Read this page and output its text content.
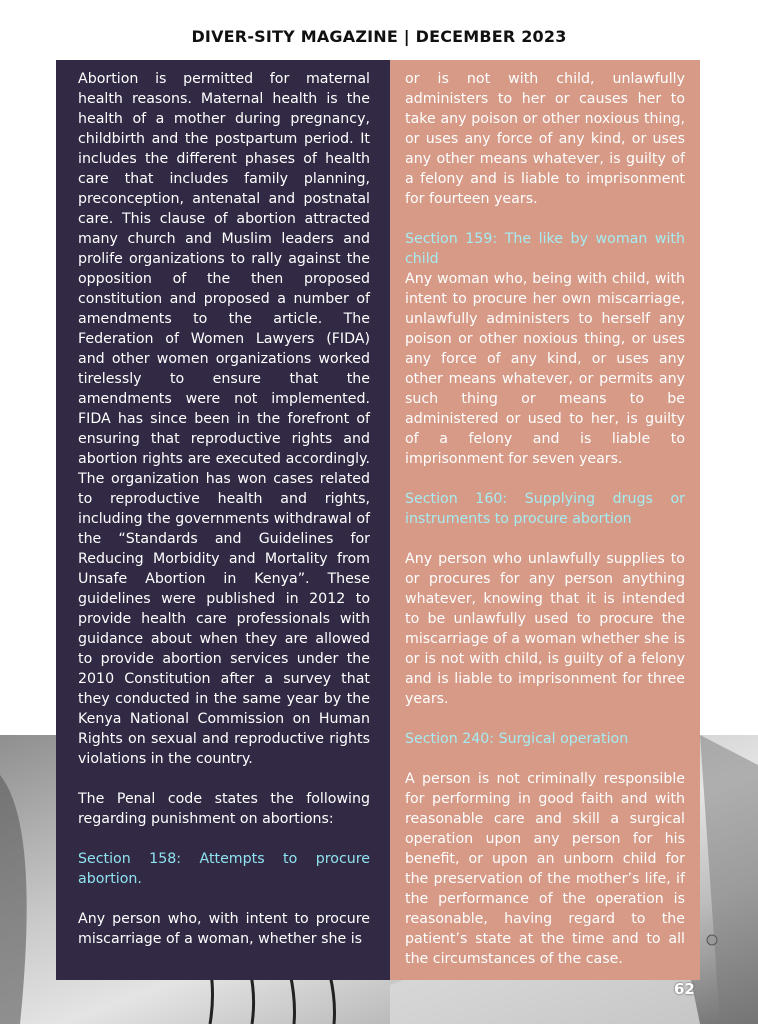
DIVER-SITY MAGAZINE | DECEMBER 2023

Abortion is permitted for maternal health reasons. Maternal health is the health of a mother during pregnancy, childbirth and the postpartum period. It includes the different phases of health care that includes family planning, preconception, antenatal and postnatal care. This clause of abortion attracted many church and Muslim leaders and prolife organizations to rally against the opposition of the then proposed constitution and proposed a number of amendments to the article. The Federation of Women Lawyers (FIDA) and other women organizations worked tirelessly to ensure that the amendments were not implemented. FIDA has since been in the forefront of ensuring that reproductive rights and abortion rights are executed accordingly. The organization has won cases related to reproductive health and rights, including the governments withdrawal of the “Standards and Guidelines for Reducing Morbidity and Mortality from Unsafe Abortion in Kenya”. These guidelines were published in 2012 to provide health care professionals with guidance about when they are allowed to provide abortion services under the 2010 Constitution after a survey that they conducted in the same year by the Kenya National Commission on Human Rights on sexual and reproductive rights violations in the country.

The Penal code states the following regarding punishment on abortions:

Section 158: Attempts to procure abortion.

Any person who, with intent to procure miscarriage of a woman, whether she is

or is not with child, unlawfully administers to her or causes her to take any poison or other noxious thing, or uses any force of any kind, or uses any other means whatever, is guilty of a felony and is liable to imprisonment for fourteen years.

Section 159: The like by woman with child

Any woman who, being with child, with intent to procure her own miscarriage, unlawfully administers to herself any poison or other noxious thing, or uses any force of any kind, or uses any other means whatever, or permits any such thing or means to be administered or used to her, is guilty of a felony and is liable to imprisonment for seven years.

Section 160: Supplying drugs or instruments to procure abortion

Any person who unlawfully supplies to or procures for any person anything whatever, knowing that it is intended to be unlawfully used to procure the miscarriage of a woman whether she is or is not with child, is guilty of a felony and is liable to imprisonment for three years.

Section 240: Surgical operation

A person is not criminally responsible for performing in good faith and with reasonable care and skill a surgical operation upon any person for his benefit, or upon an unborn child for the preservation of the mother’s life, if the performance of the operation is reasonable, having regard to the patient’s state at the time and to all the circumstances of the case.

62
